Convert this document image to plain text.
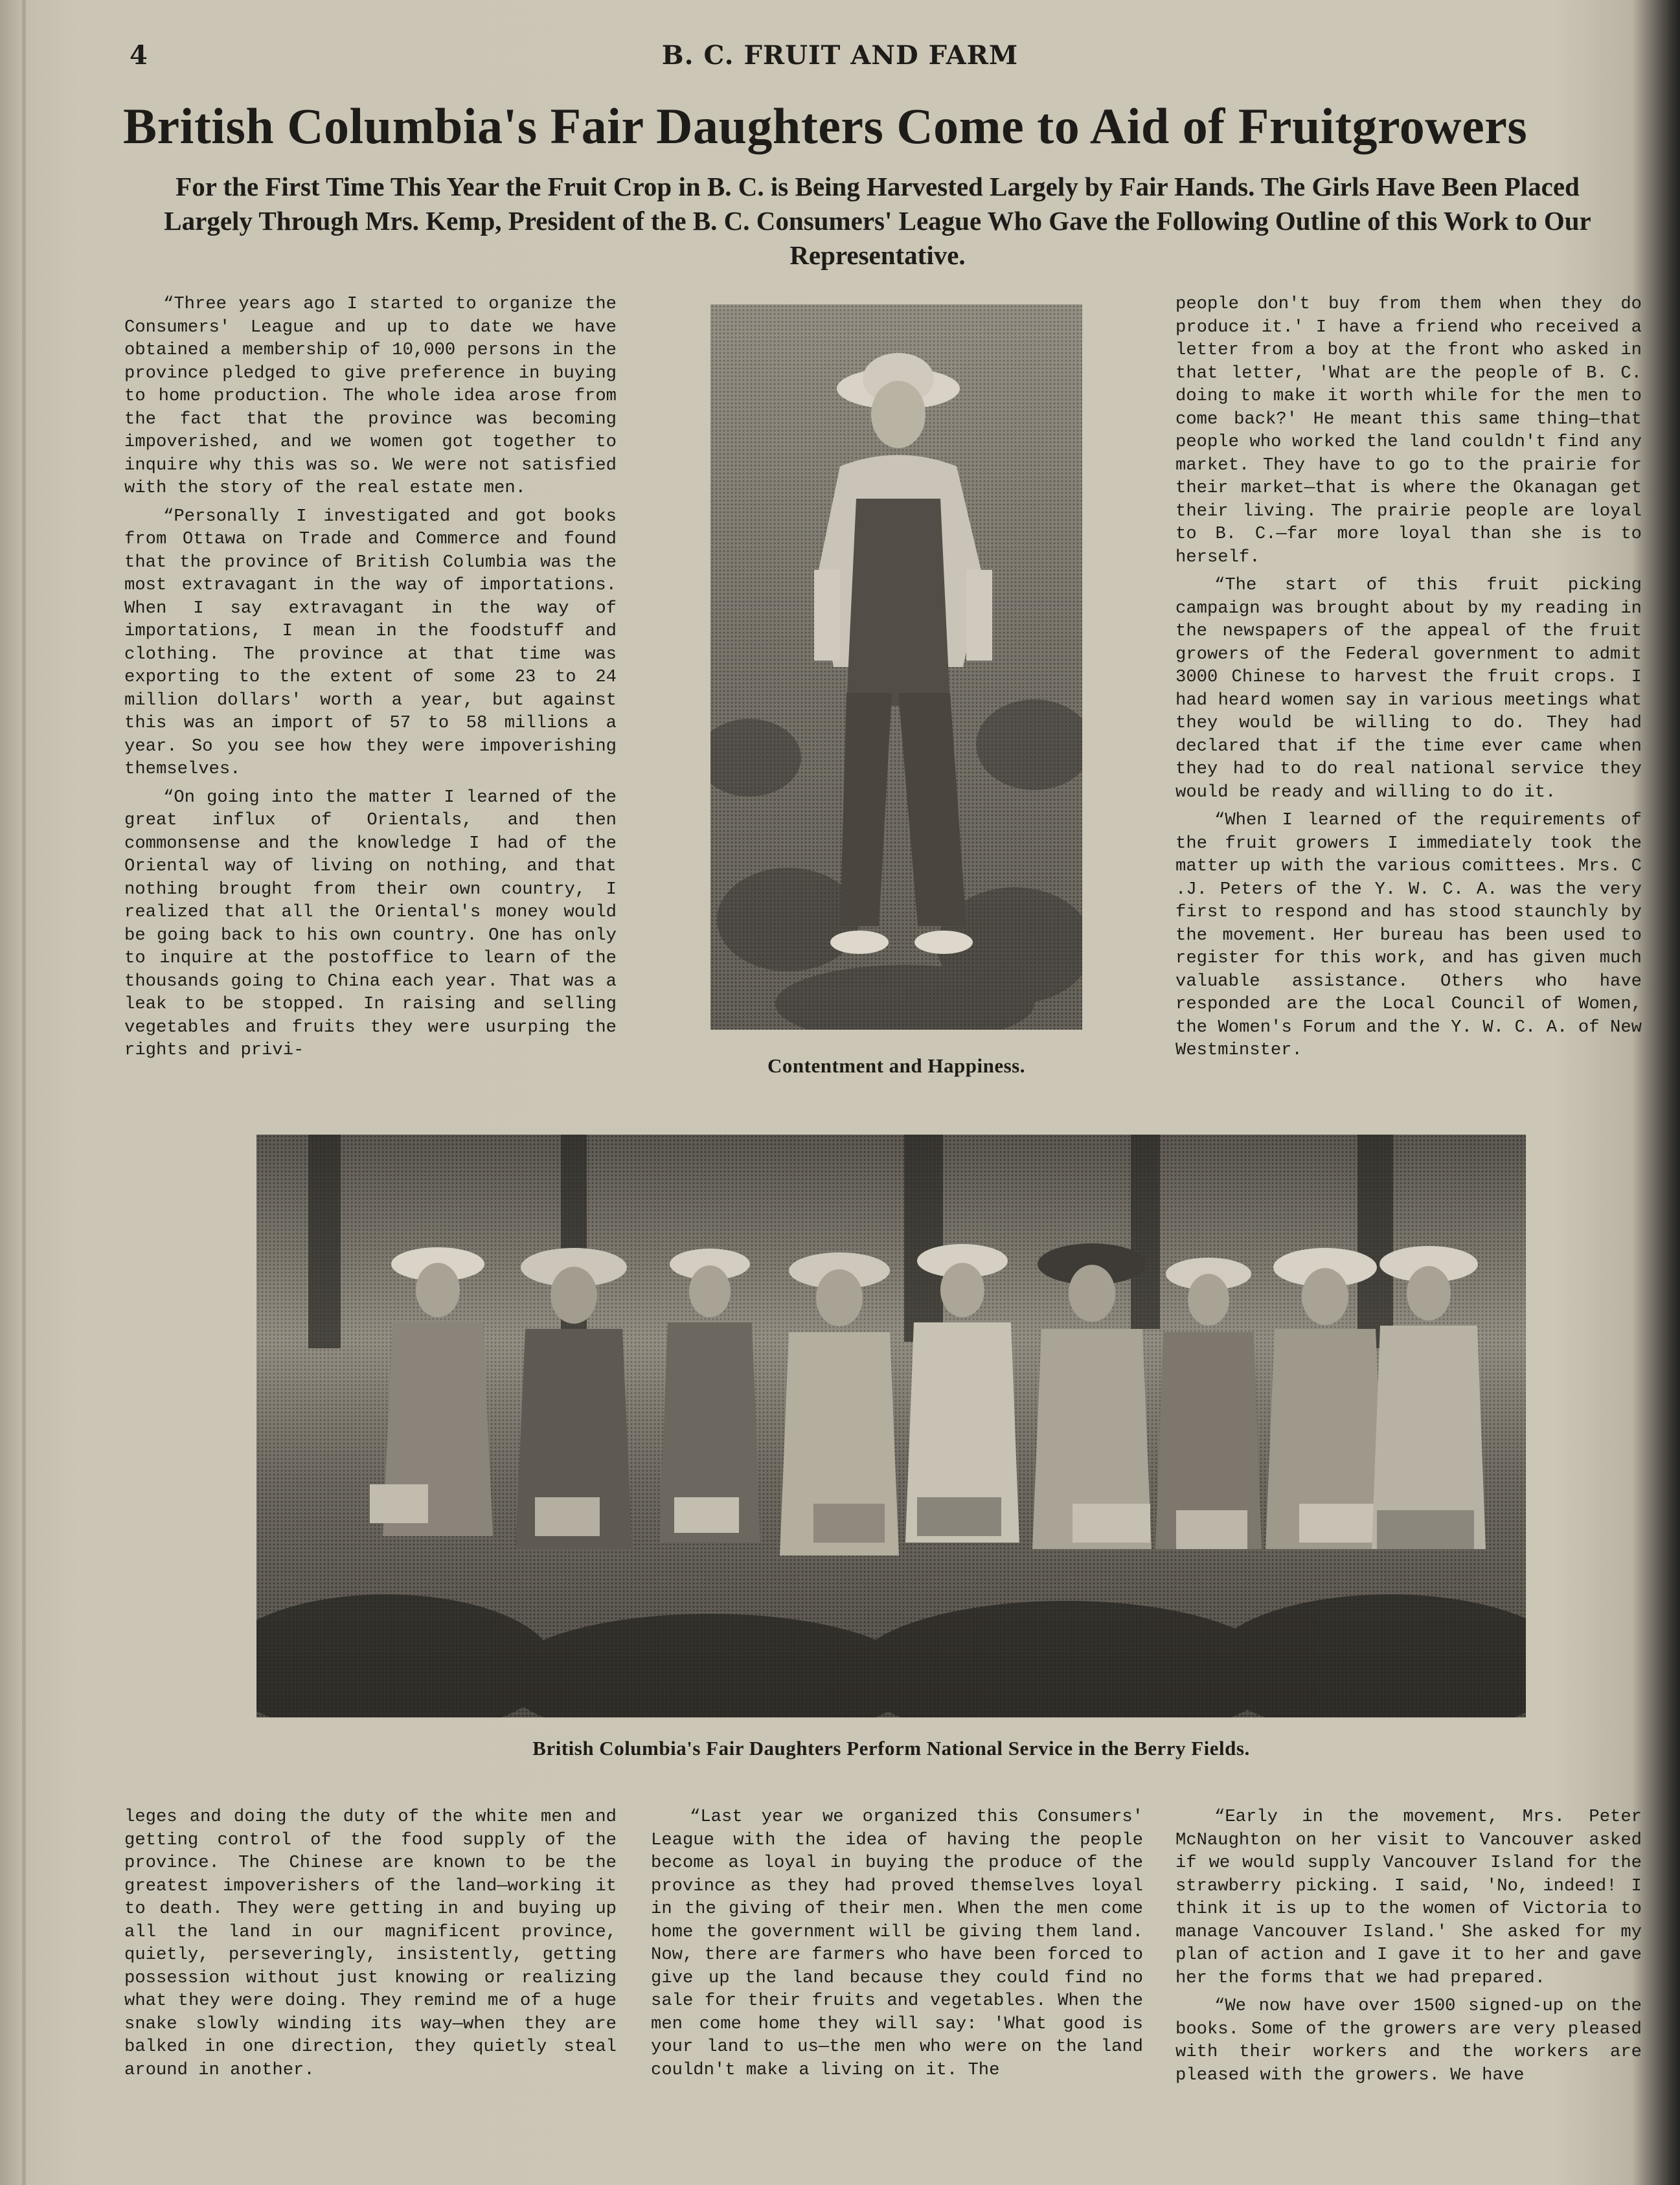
4	B. C. FRUIT AND FARM
British Columbia's Fair Daughters Come to Aid of Fruitgrowers
For the First Time This Year the Fruit Crop in B. C. is Being Harvested Largely by Fair Hands. The Girls Have Been Placed Largely Through Mrs. Kemp, President of the B. C. Consumers' League Who Gave the Following Outline of this Work to Our Representative.

“Three years ago I started to organize the Consumers' League and up to date we have obtained a membership of 10,000 persons in the province pledged to give preference in buying to home production. The whole idea arose from the fact that the province was becoming impoverished, and we women got together to inquire why this was so. We were not satisfied with the story of the real estate men.

“Personally I investigated and got books from Ottawa on Trade and Commerce and found that the province of British Columbia was the most extravagant in the way of importations. When I say extravagant in the way of importations, I mean in the foodstuff and clothing. The province at that time was exporting to the extent of some 23 to 24 million dollars' worth a year, but against this was an import of 57 to 58 millions a year. So you see how they were impoverishing themselves.

“On going into the matter I learned of the great influx of Orientals, and then commonsense and the knowledge I had of the Oriental way of living on nothing, and that nothing brought from their own country, I realized that all the Oriental's money would be going back to his own country. One has only to inquire at the postoffice to learn of the thousands going to China each year. That was a leak to be stopped. In raising and selling vegetables and fruits they were usurping the rights and privi-

Contentment and Happiness.

people don't buy from them when they do produce it.' I have a friend who received a letter from a boy at the front who asked in that letter, 'What are the people of B. C. doing to make it worth while for the men to come back?' He meant this same thing—that people who worked the land couldn't find any market. They have to go to the prairie for their market—that is where the Okanagan get their living. The prairie people are loyal to B. C.—far more loyal than she is to herself.

“The start of this fruit picking campaign was brought about by my reading in the newspapers of the appeal of the fruit growers of the Federal government to admit 3000 Chinese to harvest the fruit crops. I had heard women say in various meetings what they would be willing to do. They had declared that if the time ever came when they had to do real national service they would be ready and willing to do it.

“When I learned of the requirements of the fruit growers I immediately took the matter up with the various comittees. Mrs. C .J. Peters of the Y. W. C. A. was the very first to respond and has stood staunchly by the movement. Her bureau has been used to register for this work, and has given much valuable assistance. Others who have responded are the Local Council of Women, the Women's Forum and the Y. W. C. A. of New Westminster.

British Columbia's Fair Daughters Perform National Service in the Berry Fields.

leges and doing the duty of the white men and getting control of the food supply of the province. The Chinese are known to be the greatest impoverishers of the land—working it to death. They were getting in and buying up all the land in our magnificent province, quietly, perseveringly, insistently, getting possession without just knowing or realizing what they were doing. They remind me of a huge snake slowly winding its way—when they are balked in one direction, they quietly steal around in another.

“Last year we organized this Consumers' League with the idea of having the people become as loyal in buying the produce of the province as they had proved themselves loyal in the giving of their men. When the men come home the government will be giving them land. Now, there are farmers who have been forced to give up the land because they could find no sale for their fruits and vegetables. When the men come home they will say: 'What good is your land to us—the men who were on the land couldn't make a living on it. The

“Early in the movement, Mrs. Peter McNaughton on her visit to Vancouver asked if we would supply Vancouver Island for the strawberry picking. I said, 'No, indeed! I think it is up to the women of Victoria to manage Vancouver Island.' She asked for my plan of action and I gave it to her and gave her the forms that we had prepared.

“We now have over 1500 signed-up on the books. Some of the growers are very pleased with their workers and the workers are pleased with the growers. We have
